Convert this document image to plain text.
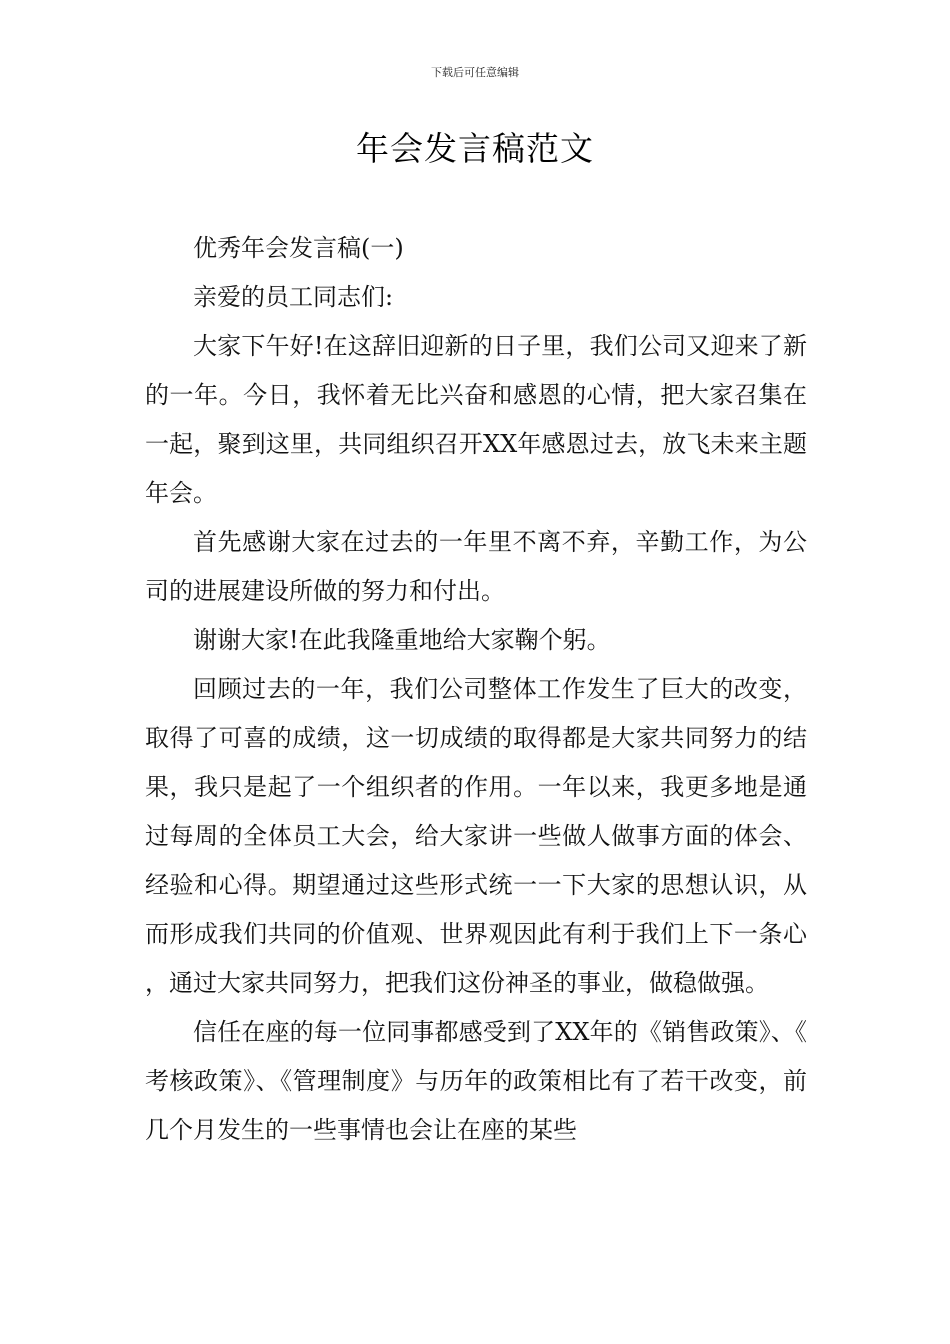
下载后可任意编辑
年会发言稿范文

优秀年会发言稿(一)

亲爱的员工同志们:

大家下午好!在这辞旧迎新的日子里，我们公司又迎来了新的一年。今日，我怀着无比兴奋和感恩的心情，把大家召集在一起，聚到这里，共同组织召开XX年感恩过去，放飞未来主题年会。

首先感谢大家在过去的一年里不离不弃，辛勤工作，为公司的进展建设所做的努力和付出。

谢谢大家!在此我隆重地给大家鞠个躬。

回顾过去的一年，我们公司整体工作发生了巨大的改变，取得了可喜的成绩，这一切成绩的取得都是大家共同努力的结果，我只是起了一个组织者的作用。一年以来，我更多地是通过每周的全体员工大会，给大家讲一些做人做事方面的体会、经验和心得。期望通过这些形式统一一下大家的思想认识，从而形成我们共同的价值观、世界观因此有利于我们上下一条心，通过大家共同努力，把我们这份神圣的事业，做稳做强。

信任在座的每一位同事都感受到了XX年的《销售政策》、《考核政策》、《管理制度》与历年的政策相比有了若干改变，前几个月发生的一些事情也会让在座的某些
